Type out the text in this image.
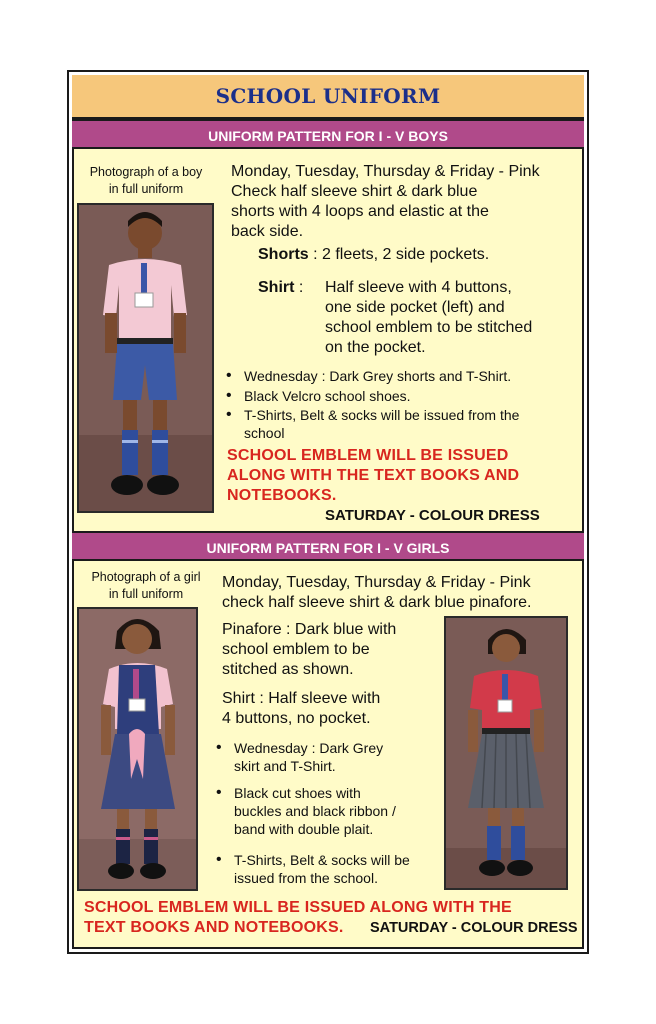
SCHOOL UNIFORM
UNIFORM PATTERN FOR I - V BOYS
Photograph of a boy
in full uniform
Monday, Tuesday, Thursday & Friday - Pink
Check half sleeve shirt & dark blue
shorts with 4 loops and elastic at the
back side.
Shorts : 2 fleets, 2 side pockets.
Shirt :	Half sleeve with 4 buttons,
one side pocket (left) and
school emblem to be stitched
on the pocket.
• Wednesday : Dark Grey shorts and T-Shirt.
• Black Velcro school shoes.
• T-Shirts, Belt & socks will be issued from the
school
SCHOOL EMBLEM WILL BE ISSUED
ALONG WITH THE TEXT BOOKS AND
NOTEBOOKS.
SATURDAY - COLOUR DRESS
UNIFORM PATTERN FOR I - V GIRLS
Photograph of a girl
in full uniform
Monday, Tuesday, Thursday & Friday - Pink
check half sleeve shirt & dark blue pinafore.
Pinafore : Dark blue with
school emblem to be
stitched as shown.
Shirt : Half sleeve with
4 buttons, no pocket.
• Wednesday : Dark Grey
skirt and T-Shirt.
• Black cut shoes with
buckles and black ribbon /
band with double plait.
• T-Shirts, Belt & socks will be
issued from the school.
SCHOOL EMBLEM WILL BE ISSUED ALONG WITH THE
TEXT BOOKS AND NOTEBOOKS.	SATURDAY - COLOUR DRESS
